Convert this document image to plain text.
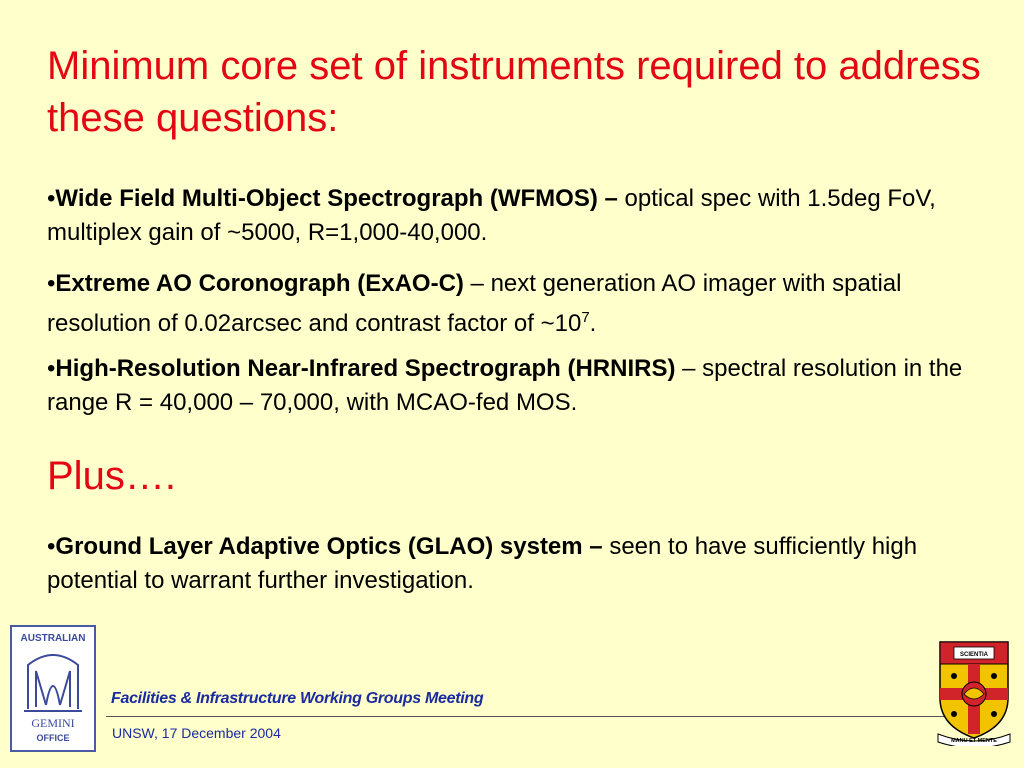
Minimum core set of instruments required to address these questions:
•Wide Field Multi-Object Spectrograph (WFMOS) – optical spec with 1.5deg FoV, multiplex gain of ~5000, R=1,000-40,000.
•Extreme AO Coronograph (ExAO-C) – next generation AO imager with spatial resolution of 0.02arcsec and contrast factor of $\sim 10^7$.
•High-Resolution Near-Infrared Spectrograph (HRNIRS) – spectral resolution in the range R = 40,000 – 70,000, with MCAO-fed MOS.
•Ground Layer Adaptive Optics (GLAO) system – seen to have sufficiently high potential to warrant further investigation.
Plus….
AUSTRALIAN
GEMINI
OFFICE
Facilities & Infrastructure Working Groups Meeting
UNSW, 17 December 2004
SCIENTIA
MANU ET MENTE
